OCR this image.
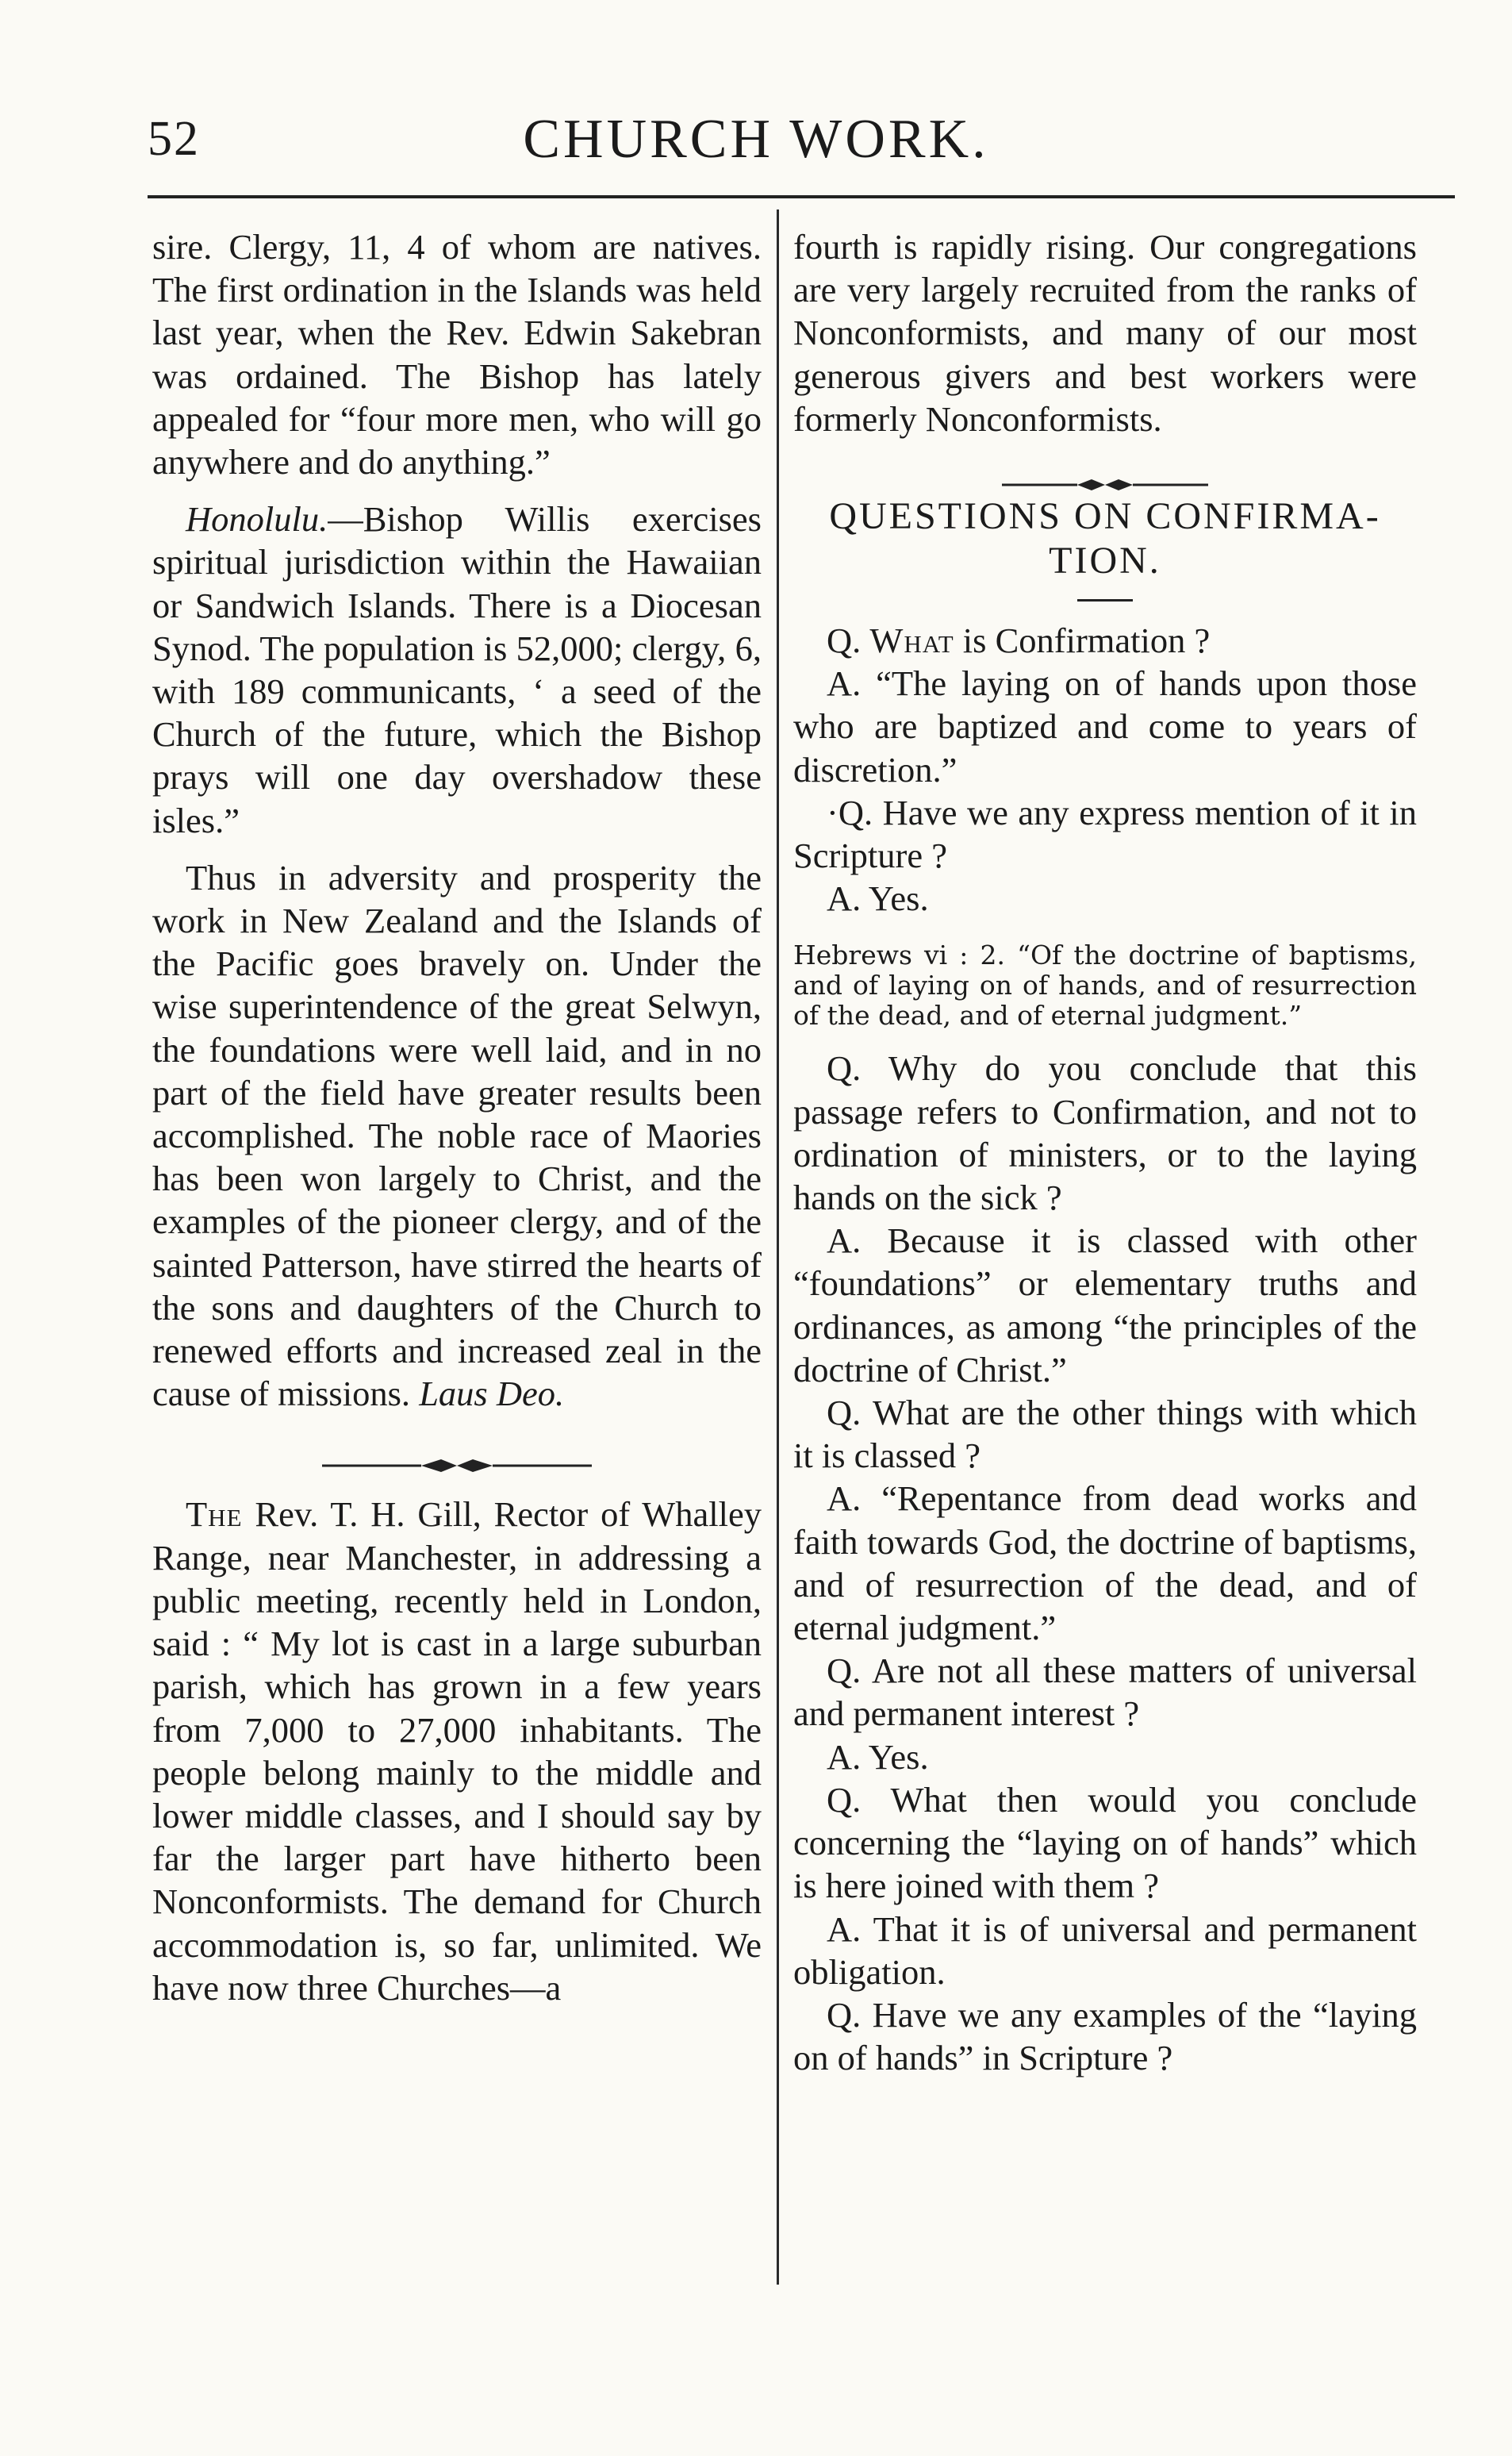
52	CHURCH WORK.

sire. Clergy, 11, 4 of whom are natives. The first ordination in the Islands was held last year, when the Rev. Edwin Sakebran was ordained. The Bishop has lately appealed for “four more men, who will go anywhere and do anything.”

Honolulu.—Bishop Willis exercises spiritual jurisdiction within the Hawaiian or Sandwich Islands. There is a Diocesan Synod. The population is 52,000; clergy, 6, with 189 communicants, ‘ a seed of the Church of the future, which the Bishop prays will one day overshadow these isles.”

Thus in adversity and prosperity the work in New Zealand and the Islands of the Pacific goes bravely on. Under the wise superintendence of the great Selwyn, the foundations were well laid, and in no part of the field have greater results been accomplished. The noble race of Maories has been won largely to Christ, and the examples of the pioneer clergy, and of the sainted Patterson, have stirred the hearts of the sons and daughters of the Church to renewed efforts and increased zeal in the cause of missions. Laus Deo.

The Rev. T. H. Gill, Rector of Whalley Range, near Manchester, in addressing a public meeting, recently held in London, said : “ My lot is cast in a large suburban parish, which has grown in a few years from 7,000 to 27,000 inhabitants. The people belong mainly to the middle and lower middle classes, and I should say by far the larger part have hitherto been Nonconformists. The demand for Church accommodation is, so far, unlimited. We have now three Churches—a

fourth is rapidly rising. Our congregations are very largely recruited from the ranks of Nonconformists, and many of our most generous givers and best workers were formerly Nonconformists.

QUESTIONS ON CONFIRMA-
TION.

Q. What is Confirmation ?

A. “The laying on of hands upon those who are baptized and come to years of discretion.”

·Q. Have we any express mention of it in Scripture ?

A. Yes.

Hebrews vi : 2. “Of the doctrine of baptisms, and of laying on of hands, and of resurrection of the dead, and of eternal judgment.”

Q. Why do you conclude that this passage refers to Confirmation, and not to ordination of ministers, or to the laying hands on the sick ?

A. Because it is classed with other “foundations” or elementary truths and ordinances, as among “the principles of the doctrine of Christ.”

Q. What are the other things with which it is classed ?

A. “Repentance from dead works and faith towards God, the doctrine of baptisms, and of resurrection of the dead, and of eternal judgment.”

Q. Are not all these matters of universal and permanent interest ?

A. Yes.

Q. What then would you conclude concerning the “laying on of hands” which is here joined with them ?

A. That it is of universal and permanent obligation.

Q. Have we any examples of the “laying on of hands” in Scripture ?
